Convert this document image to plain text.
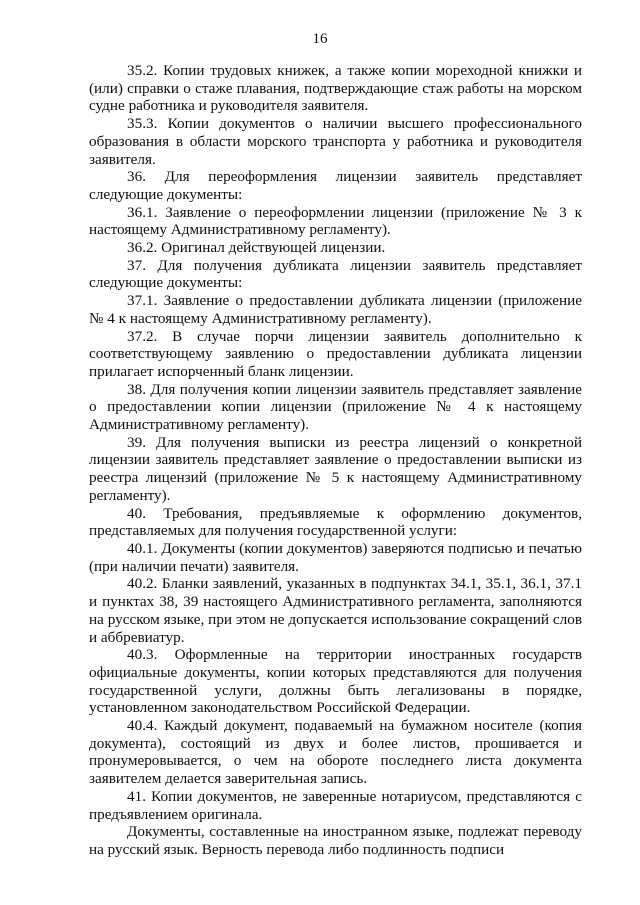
16

35.2. Копии трудовых книжек, а также копии мореходной книжки и (или) справки о стаже плавания, подтверждающие стаж работы на морском судне работника и руководителя заявителя.

35.3. Копии документов о наличии высшего профессионального образования в области морского транспорта у работника и руководителя заявителя.

36. Для переоформления лицензии заявитель представляет следующие документы:

36.1. Заявление о переоформлении лицензии (приложение № 3 к настоящему Административному регламенту).

36.2. Оригинал действующей лицензии.

37. Для получения дубликата лицензии заявитель представляет следующие документы:

37.1. Заявление о предоставлении дубликата лицензии (приложение № 4 к настоящему Административному регламенту).

37.2. В случае порчи лицензии заявитель дополнительно к соответствующему заявлению о предоставлении дубликата лицензии прилагает испорченный бланк лицензии.

38. Для получения копии лицензии заявитель представляет заявление о предоставлении копии лицензии (приложение № 4 к настоящему Административному регламенту).

39. Для получения выписки из реестра лицензий о конкретной лицензии заявитель представляет заявление о предоставлении выписки из реестра лицензий (приложение № 5 к настоящему Административному регламенту).

40. Требования, предъявляемые к оформлению документов, представляемых для получения государственной услуги:

40.1. Документы (копии документов) заверяются подписью и печатью (при наличии печати) заявителя.

40.2. Бланки заявлений, указанных в подпунктах 34.1, 35.1, 36.1, 37.1 и пунктах 38, 39 настоящего Административного регламента, заполняются на русском языке, при этом не допускается использование сокращений слов и аббревиатур.

40.3. Оформленные на территории иностранных государств официальные документы, копии которых представляются для получения государственной услуги, должны быть легализованы в порядке, установленном законодательством Российской Федерации.

40.4. Каждый документ, подаваемый на бумажном носителе (копия документа), состоящий из двух и более листов, прошивается и пронумеровывается, о чем на обороте последнего листа документа заявителем делается заверительная запись.

41. Копии документов, не заверенные нотариусом, представляются с предъявлением оригинала.

Документы, составленные на иностранном языке, подлежат переводу на русский язык. Верность перевода либо подлинность подписи
